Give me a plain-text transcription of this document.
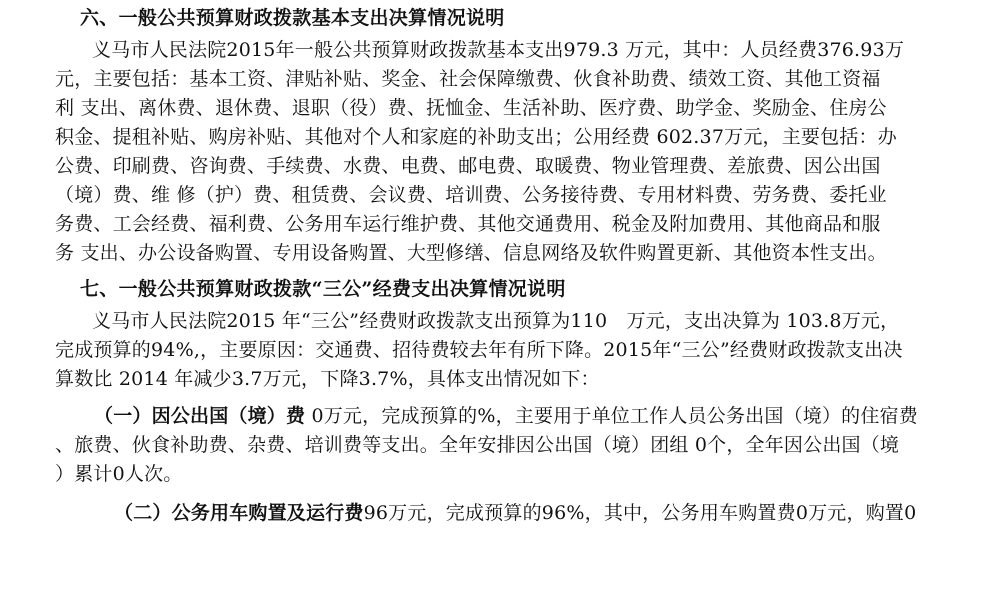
六、一般公共预算财政拨款基本支出决算情况说明
义马市人民法院2015年一般公共预算财政拨款基本支出979.3 万元，其中：人员经费376.93万
元，主要包括：基本工资、津贴补贴、奖金、社会保障缴费、伙食补助费、绩效工资、其他工资福
利 支出、离休费、退休费、退职（役）费、抚恤金、生活补助、医疗费、助学金、奖励金、住房公
积金、提租补贴、购房补贴、其他对个人和家庭的补助支出；公用经费 602.37万元，主要包括：办
公费、印刷费、咨询费、手续费、水费、电费、邮电费、取暖费、物业管理费、差旅费、因公出国
（境）费、维 修（护）费、租赁费、会议费、培训费、公务接待费、专用材料费、劳务费、委托业
务费、工会经费、福利费、公务用车运行维护费、其他交通费用、税金及附加费用、其他商品和服
务 支出、办公设备购置、专用设备购置、大型修缮、信息网络及软件购置更新、其他资本性支出。
七、一般公共预算财政拨款“三公”经费支出决算情况说明
义马市人民法院2015 年“三公”经费财政拨款支出预算为110　万元，支出决算为 103.8万元，
完成预算的94%,，主要原因：交通费、招待费较去年有所下降。2015年“三公”经费财政拨款支出决
算数比 2014 年减少3.7万元，下降3.7%，具体支出情况如下：
（一）因公出国（境）费 0万元，完成预算的%，主要用于单位工作人员公务出国（境）的住宿费
、旅费、伙食补助费、杂费、培训费等支出。全年安排因公出国（境）团组 0个，全年因公出国（境
）累计0人次。
（二）公务用车购置及运行费96万元，完成预算的96%，其中，公务用车购置费0万元，购置0
